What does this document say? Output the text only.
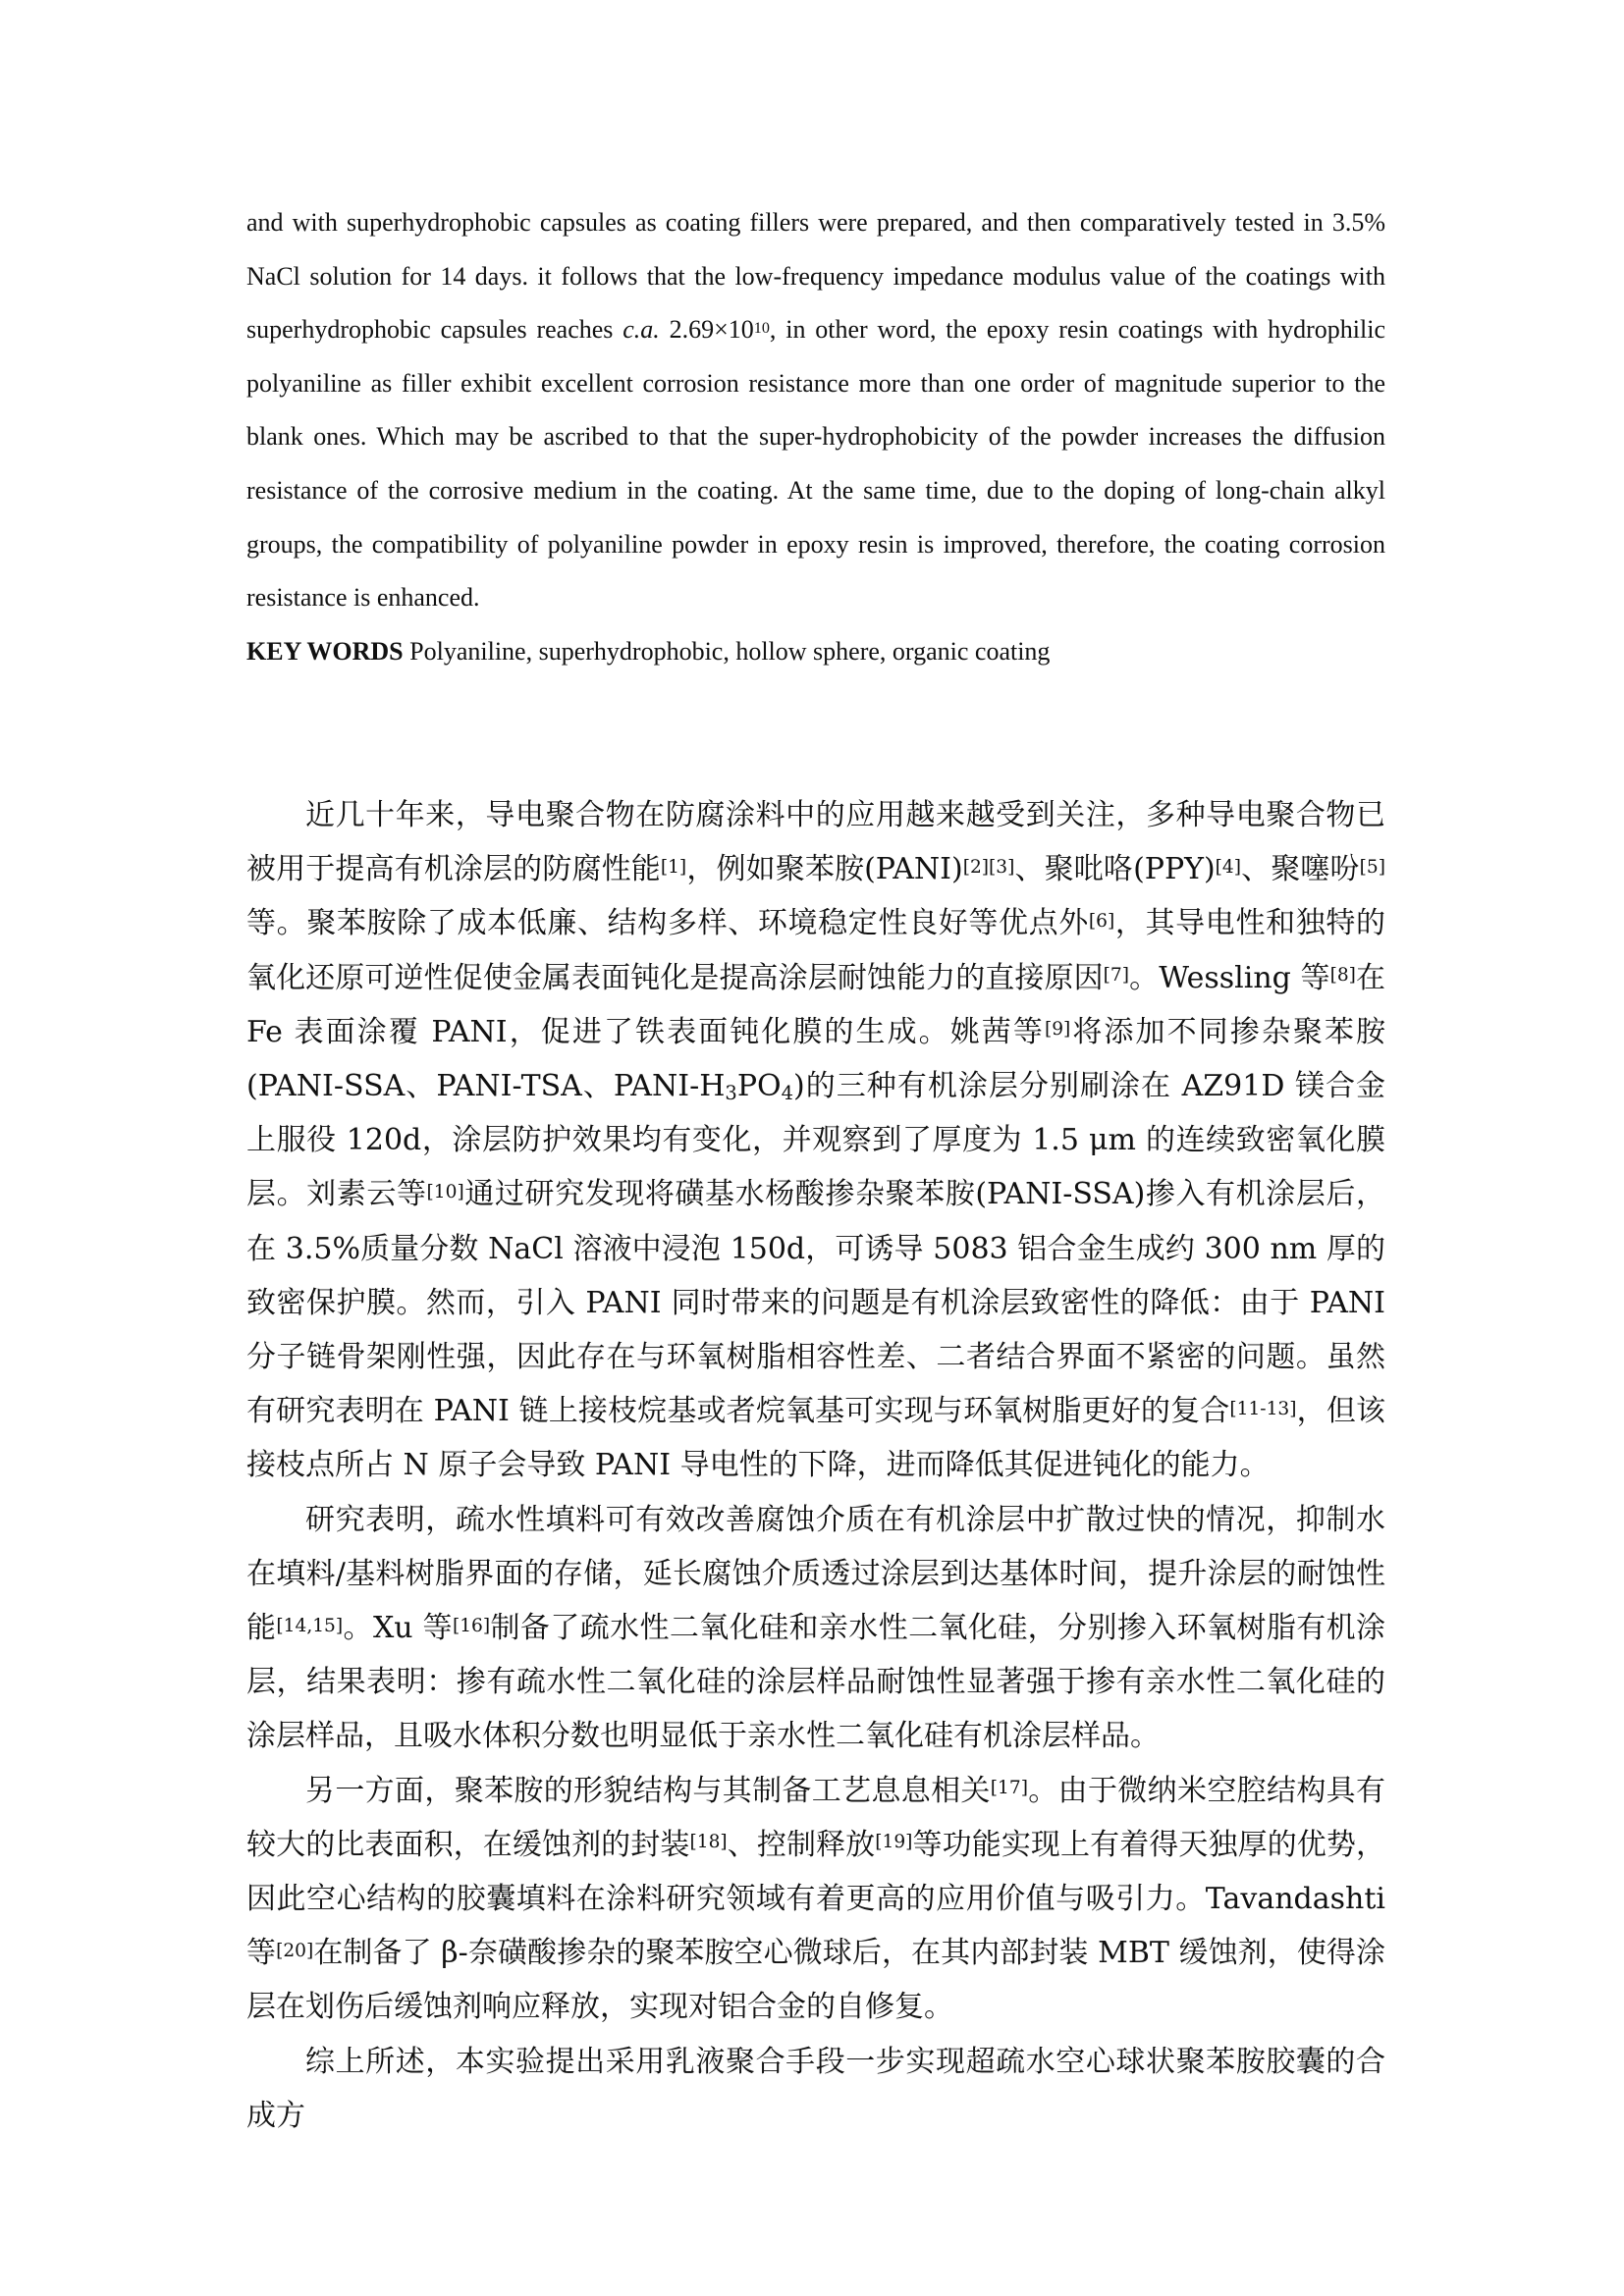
and with superhydrophobic capsules as coating fillers were prepared, and then comparatively tested in 3.5% NaCl solution for 14 days. it follows that the low-frequency impedance modulus value of the coatings with superhydrophobic capsules reaches c.a. $2.69\times 10^{10}$, in other word, the epoxy resin coatings with hydrophilic polyaniline as filler exhibit excellent corrosion resistance more than one order of magnitude superior to the blank ones. Which may be ascribed to that the super-hydrophobicity of the powder increases the diffusion resistance of the corrosive medium in the coating. At the same time, due to the doping of long-chain alkyl groups, the compatibility of polyaniline powder in epoxy resin is improved, therefore, the coating corrosion resistance is enhanced.

KEY WORDS Polyaniline, superhydrophobic, hollow sphere, organic coating

近几十年来，导电聚合物在防腐涂料中的应用越来越受到关注，多种导电聚合物已被用于提高有机涂层的防腐性能[1]，例如聚苯胺(PANI)[2][3]、聚吡咯(PPY)[4]、聚噻吩[5]等。聚苯胺除了成本低廉、结构多样、环境稳定性良好等优点外[6]，其导电性和独特的氧化还原可逆性促使金属表面钝化是提高涂层耐蚀能力的直接原因[7]。Wessling 等[8]在 Fe 表面涂覆 PANI，促进了铁表面钝化膜的生成。姚茜等[9]将添加不同掺杂聚苯胺(PANI-SSA、PANI-TSA、PANI-$H_3PO_4$)的三种有机涂层分别刷涂在 AZ91D 镁合金上服役 120d，涂层防护效果均有变化，并观察到了厚度为 1.5 μm 的连续致密氧化膜层。刘素云等[10]通过研究发现将磺基水杨酸掺杂聚苯胺(PANI-SSA)掺入有机涂层后，在 3.5%质量分数 NaCl 溶液中浸泡 150d，可诱导 5083 铝合金生成约 300 nm 厚的致密保护膜。然而，引入 PANI 同时带来的问题是有机涂层致密性的降低：由于 PANI 分子链骨架刚性强，因此存在与环氧树脂相容性差、二者结合界面不紧密的问题。虽然有研究表明在 PANI 链上接枝烷基或者烷氧基可实现与环氧树脂更好的复合[11-13]，但该接枝点所占 N 原子会导致 PANI 导电性的下降，进而降低其促进钝化的能力。

研究表明，疏水性填料可有效改善腐蚀介质在有机涂层中扩散过快的情况，抑制水在填料/基料树脂界面的存储，延长腐蚀介质透过涂层到达基体时间，提升涂层的耐蚀性能[14,15]。Xu 等[16]制备了疏水性二氧化硅和亲水性二氧化硅，分别掺入环氧树脂有机涂层，结果表明：掺有疏水性二氧化硅的涂层样品耐蚀性显著强于掺有亲水性二氧化硅的涂层样品，且吸水体积分数也明显低于亲水性二氧化硅有机涂层样品。

另一方面，聚苯胺的形貌结构与其制备工艺息息相关[17]。由于微纳米空腔结构具有较大的比表面积，在缓蚀剂的封装[18]、控制释放[19]等功能实现上有着得天独厚的优势，因此空心结构的胶囊填料在涂料研究领域有着更高的应用价值与吸引力。Tavandashti 等[20]在制备了 β-奈磺酸掺杂的聚苯胺空心微球后，在其内部封装 MBT 缓蚀剂，使得涂层在划伤后缓蚀剂响应释放，实现对铝合金的自修复。

综上所述，本实验提出采用乳液聚合手段一步实现超疏水空心球状聚苯胺胶囊的合成方
